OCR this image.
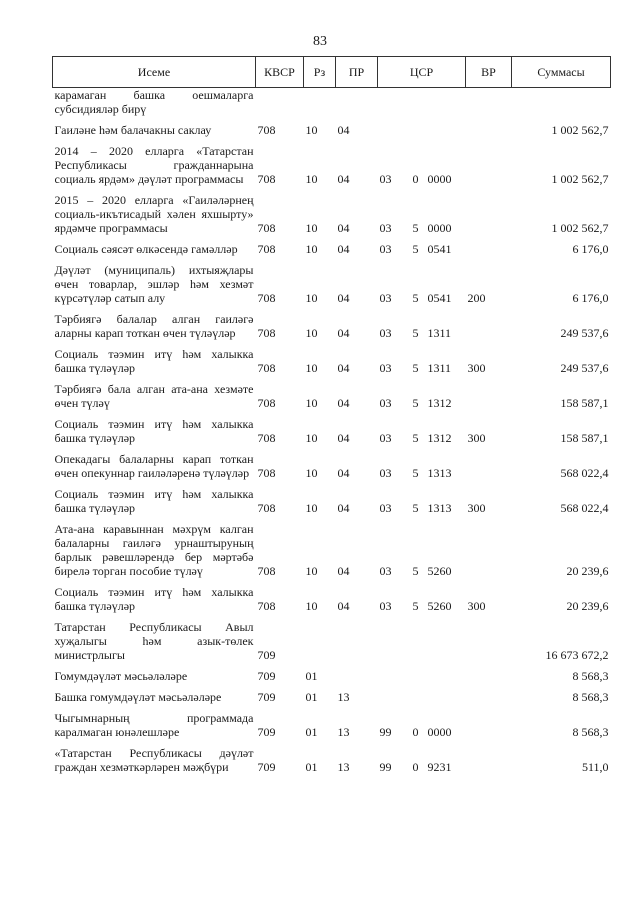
83
Исеме	КВСР	Рз	ПР	ЦСР			ВР	Суммасы
карамаган башка оешмаларга субсидияләр бирү								
Гаиләне һәм балачакны саклау	708	10	04					1 002 562,7
2014 – 2020 елларга «Татарстан Республикасы гражданнарына социаль ярдәм» дәүләт программасы	708	10	04	03	0	0000		1 002 562,7
2015 – 2020 елларга «Гаиләләрнең социаль-икътисадый хәлен яхшырту» ярдәмче программасы	708	10	04	03	5	0000		1 002 562,7
Социаль сәясәт өлкәсендә гамәлләр	708	10	04	03	5	0541		6 176,0
Дәүләт (муниципаль) ихтыяҗлары өчен товарлар, эшләр һәм хезмәт күрсәтүләр сатып алу	708	10	04	03	5	0541	200	6 176,0
Тәрбиягә балалар алган гаиләгә аларны карап тоткан өчен түләүләр	708	10	04	03	5	1311		249 537,6
Социаль тәэмин итү һәм халыкка башка түләүләр	708	10	04	03	5	1311	300	249 537,6
Тәрбиягә бала алган ата-ана хезмәте өчен түләү	708	10	04	03	5	1312		158 587,1
Социаль тәэмин итү һәм халыкка башка түләүләр	708	10	04	03	5	1312	300	158 587,1
Опекадагы балаларны карап тоткан өчен опекуннар гаиләләренә түләүләр	708	10	04	03	5	1313		568 022,4
Социаль тәэмин итү һәм халыкка башка түләүләр	708	10	04	03	5	1313	300	568 022,4
Ата-ана каравыннан мәхрүм калган балаларны гаиләгә урнаштыруның барлык рәвешләрендә бер мәртәбә бирелә торган пособие түләү	708	10	04	03	5	5260		20 239,6
Социаль тәэмин итү һәм халыкка башка түләүләр	708	10	04	03	5	5260	300	20 239,6
Татарстан Республикасы Авыл хуҗалыгы һәм азык-төлек министрлыгы	709							16 673 672,2
Гомумдәүләт мәсьәләләре	709	01						8 568,3
Башка гомумдәүләт мәсьәләләре	709	01	13					8 568,3
Чыгымнарның программада каралмаган юнәлешләре	709	01	13	99	0	0000		8 568,3
«Татарстан Республикасы дәүләт граждан хезмәткәрләрен мәҗбүри	709	01	13	99	0	9231		511,0
